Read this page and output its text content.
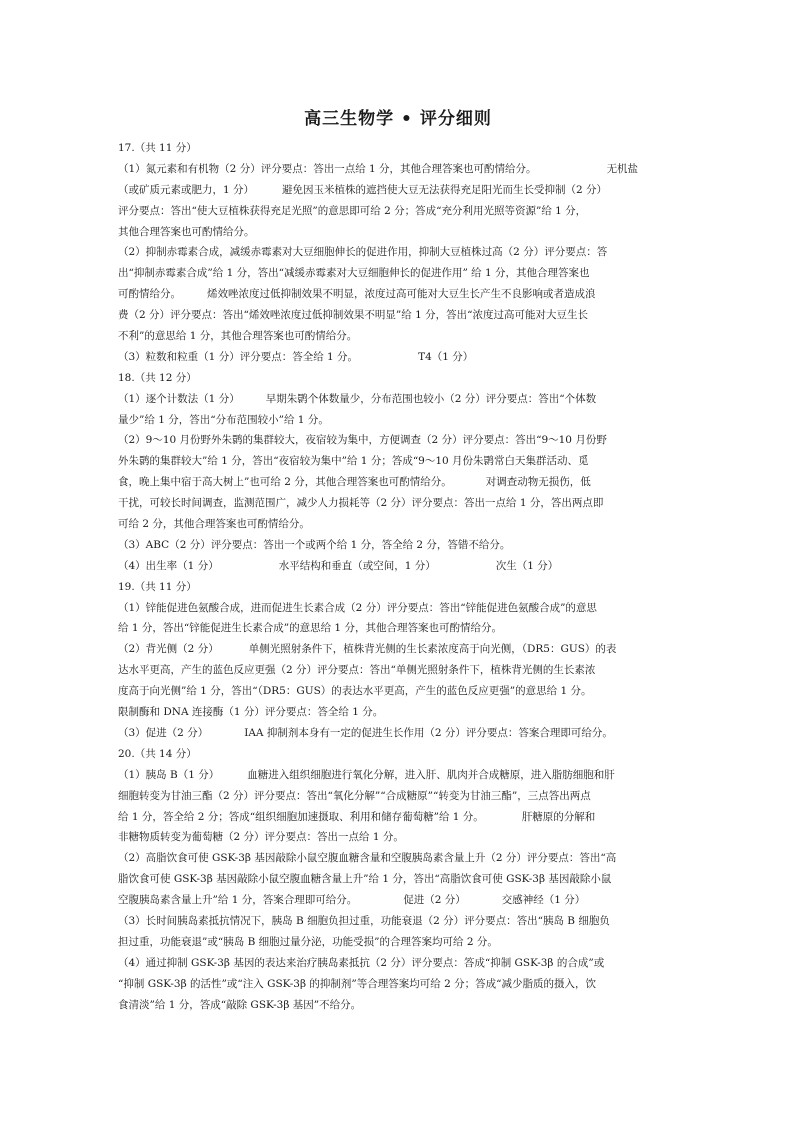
高三生物学 • 评分细则
17.（共 11 分）
（1）氮元素和有机物（2 分）评分要点：答出一点给 1 分，其他合理答案也可酌情给分。	无机盐
（或矿质元素或肥力，1 分）	避免因玉米植株的遮挡使大豆无法获得充足阳光而生长受抑制（2 分）
评分要点：答出“使大豆植株获得充足光照”的意思即可给 2 分；答成“充分利用光照等资源”给 1 分，
其他合理答案也可酌情给分。
（2）抑制赤霉素合成，减缓赤霉素对大豆细胞伸长的促进作用，抑制大豆植株过高（2 分）评分要点：答
出“抑制赤霉素合成”给 1 分，答出“减缓赤霉素对大豆细胞伸长的促进作用” 给 1 分，其他合理答案也
可酌情给分。 烯效唑浓度过低抑制效果不明显，浓度过高可能对大豆生长产生不良影响或者造成浪
费（2 分）评分要点：答出“烯效唑浓度过低抑制效果不明显”给 1 分，答出“浓度过高可能对大豆生长
不利”的意思给 1 分，其他合理答案也可酌情给分。
（3）粒数和粒重（1 分）评分要点：答全给 1 分。	T4（1 分）
18.（共 12 分）
（1）逐个计数法（1 分） 早期朱鹮个体数量少，分布范围也较小（2 分）评分要点：答出“个体数
量少”给 1 分，答出“分布范围较小”给 1 分。
（2）9～10 月份野外朱鹮的集群较大，夜宿较为集中，方便调查（2 分）评分要点：答出“9～10 月份野
外朱鹮的集群较大”给 1 分，答出“夜宿较为集中”给 1 分；答成“9～10 月份朱鹮常白天集群活动、觅
食，晚上集中宿于高大树上”也可给 2 分，其他合理答案也可酌情给分。	对调查动物无损伤，低
干扰，可较长时间调查，监测范围广，减少人力损耗等（2 分）评分要点：答出一点给 1 分，答出两点即
可给 2 分，其他合理答案也可酌情给分。
（3）ABC（2 分）评分要点：答出一个或两个给 1 分，答全给 2 分，答错不给分。
（4）出生率（1 分）	水平结构和垂直（或空间，1 分）	次生（1 分）
19.（共 11 分）
（1）锌能促进色氨酸合成，进而促进生长素合成（2 分）评分要点：答出“锌能促进色氨酸合成”的意思
给 1 分，答出“锌能促进生长素合成”的意思给 1 分，其他合理答案也可酌情给分。
（2）背光侧（2 分）	单侧光照射条件下，植株背光侧的生长素浓度高于向光侧，（DR5：GUS）的表
达水平更高，产生的蓝色反应更强（2 分）评分要点：答出“单侧光照射条件下，植株背光侧的生长素浓
度高于向光侧”给 1 分，答出“（DR5：GUS）的表达水平更高，产生的蓝色反应更强”的意思给 1 分。
限制酶和 DNA 连接酶（1 分）评分要点：答全给 1 分。
（3）促进（2 分）	IAA 抑制剂本身有一定的促进生长作用（2 分）评分要点：答案合理即可给分。
20.（共 14 分）
（1）胰岛 B（1 分）	血糖进入组织细胞进行氧化分解，进入肝、肌肉并合成糖原，进入脂肪细胞和肝
细胞转变为甘油三酯（2 分）评分要点：答出“氧化分解”“合成糖原”“转变为甘油三酯”，三点答出两点
给 1 分，答全给 2 分；答成“组织细胞加速摄取、利用和储存葡萄糖”给 1 分。	肝糖原的分解和
非糖物质转变为葡萄糖（2 分）评分要点：答出一点给 1 分。
（2）高脂饮食可使 GSK-3β 基因敲除小鼠空腹血糖含量和空腹胰岛素含量上升（2 分）评分要点：答出“高
脂饮食可使 GSK-3β 基因敲除小鼠空腹血糖含量上升”给 1 分，答出“高脂饮食可使 GSK-3β 基因敲除小鼠
空腹胰岛素含量上升”给 1 分，答案合理即可给分。	促进（2 分）	交感神经（1 分）
（3）长时间胰岛素抵抗情况下，胰岛 B 细胞负担过重，功能衰退（2 分）评分要点：答出“胰岛 B 细胞负
担过重，功能衰退”或“胰岛 B 细胞过量分泌，功能受损”的合理答案均可给 2 分。
（4）通过抑制 GSK-3β 基因的表达来治疗胰岛素抵抗（2 分）评分要点：答成“抑制 GSK-3β 的合成”或
“抑制 GSK-3β 的活性”或“注入 GSK-3β 的抑制剂”等合理答案均可给 2 分；答成“减少脂质的摄入，饮
食清淡”给 1 分，答成“敲除 GSK-3β 基因”不给分。
